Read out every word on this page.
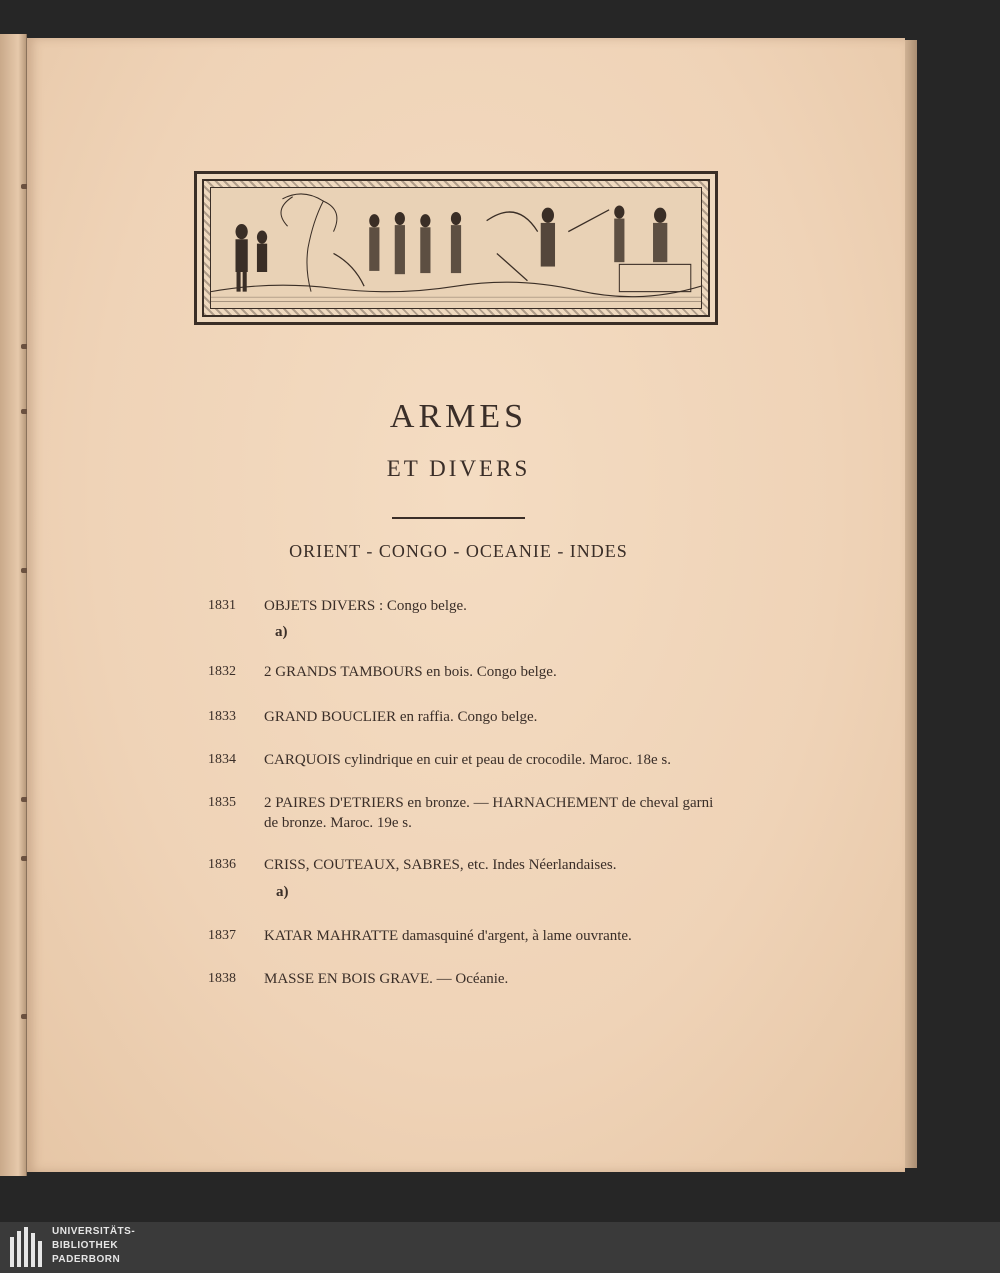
ARMES
ET DIVERS
ORIENT - CONGO - OCEANIE - INDES
1831	OBJETS DIVERS : Congo belge.
a)
1832	2 GRANDS TAMBOURS en bois. Congo belge.
1833	GRAND BOUCLIER en raffia. Congo belge.
1834	CARQUOIS cylindrique en cuir et peau de crocodile. Maroc. 18e s.
1835	2 PAIRES D'ETRIERS en bronze. — HARNACHEMENT de cheval garni de bronze. Maroc. 19e s.
1836	CRISS, COUTEAUX, SABRES, etc. Indes Néerlandaises.
a)
1837	KATAR MAHRATTE damasquiné d'argent, à lame ouvrante.
1838	MASSE EN BOIS GRAVE. — Océanie.
UNIVERSITÄTS-
BIBLIOTHEK
PADERBORN
